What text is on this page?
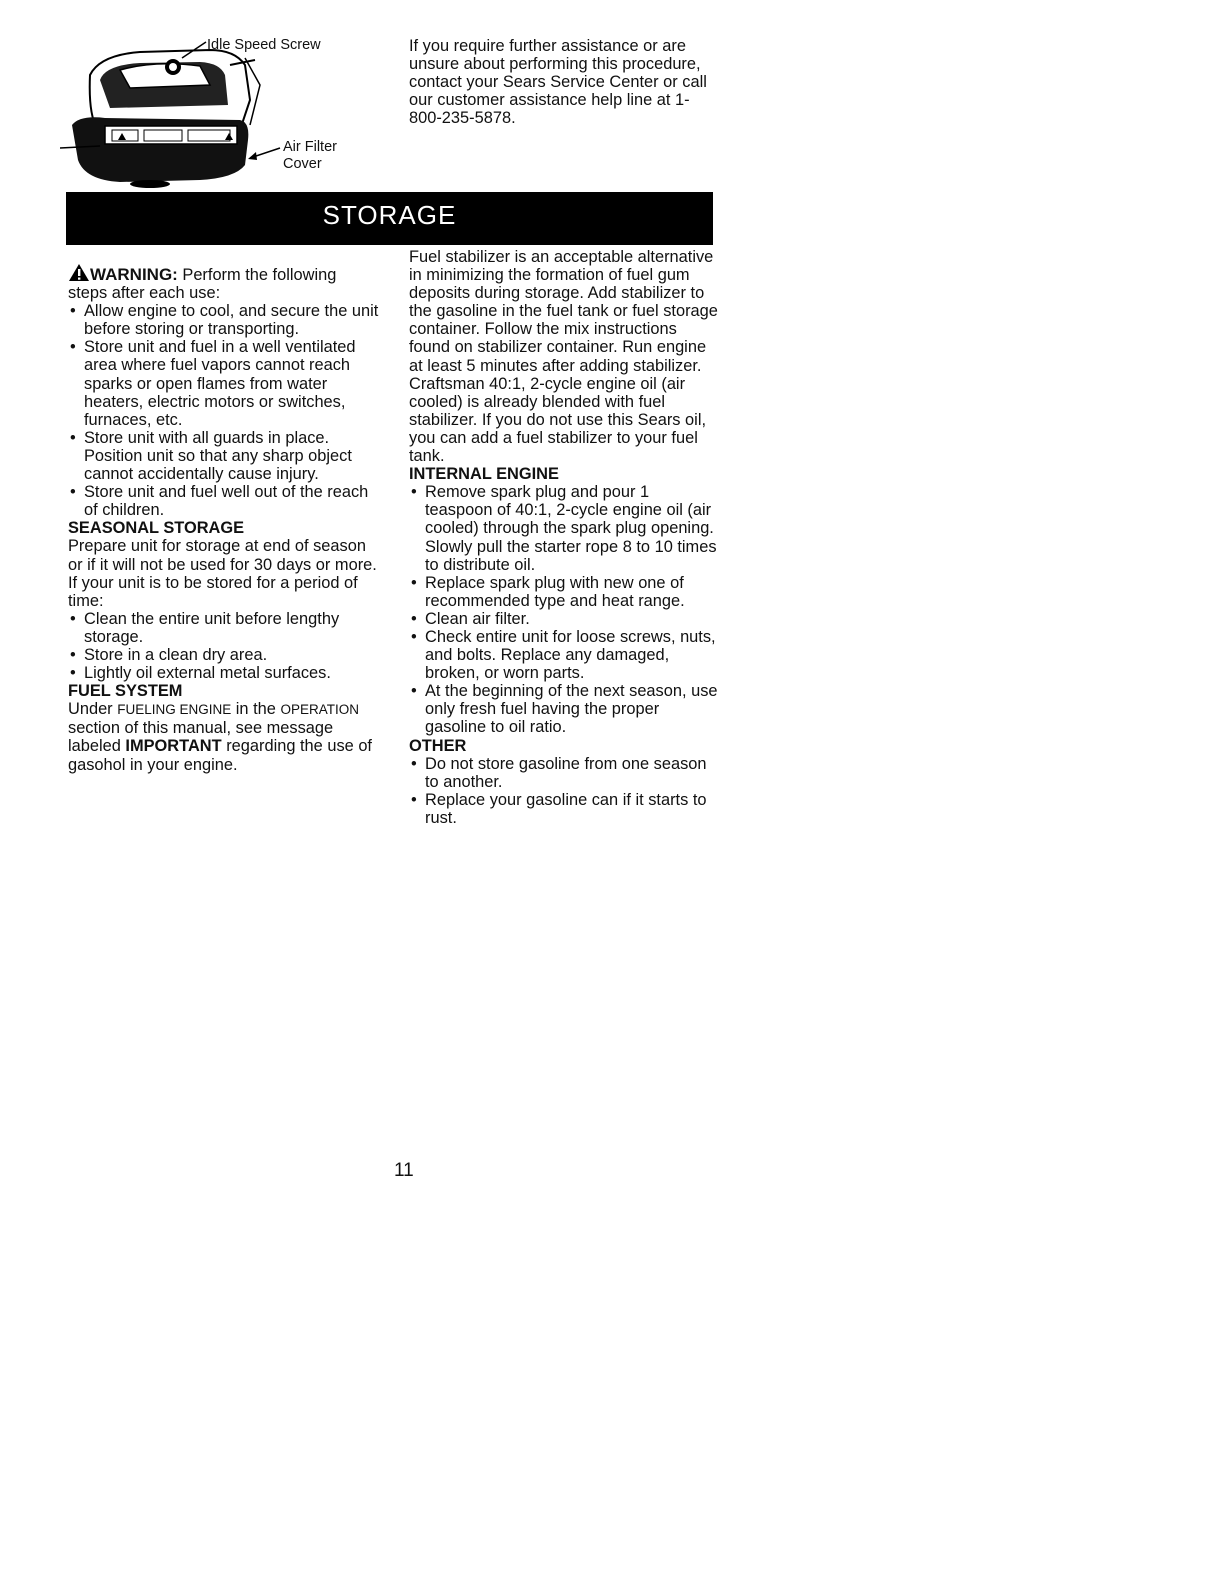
Idle Speed Screw
Air Filter
Cover

If you require further assistance or are unsure about performing this procedure, contact your Sears Service Center or call our customer assistance help line at 1-800-235-5878.

STORAGE

WARNING: Perform the following steps after each use:

• Allow engine to cool, and secure the unit before storing or transporting.
• Store unit and fuel in a well ventilated area where fuel vapors cannot reach sparks or open flames from water heaters, electric motors or switches, furnaces, etc.
• Store unit with all guards in place. Position unit so that any sharp object cannot accidentally cause injury.
• Store unit and fuel well out of the reach of children.

SEASONAL STORAGE

Prepare unit for storage at end of season or if it will not be used for 30 days or more.

If your unit is to be stored for a period of time:

• Clean the entire unit before lengthy storage.
• Store in a clean dry area.
• Lightly oil external metal surfaces.

FUEL SYSTEM

Under FUELING ENGINE in the OPERATION section of this manual, see message labeled IMPORTANT regarding the use of gasohol in your engine.

Fuel stabilizer is an acceptable alternative in minimizing the formation of fuel gum deposits during storage. Add stabilizer to the gasoline in the fuel tank or fuel storage container. Follow the mix instructions found on stabilizer container. Run engine at least 5 minutes after adding stabilizer.

Craftsman 40:1, 2-cycle engine oil (air cooled) is already blended with fuel stabilizer. If you do not use this Sears oil, you can add a fuel stabilizer to your fuel tank.

INTERNAL ENGINE

• Remove spark plug and pour 1 teaspoon of 40:1, 2-cycle engine oil (air cooled) through the spark plug opening. Slowly pull the starter rope 8 to 10 times to distribute oil.
• Replace spark plug with new one of recommended type and heat range.
• Clean air filter.
• Check entire unit for loose screws, nuts, and bolts. Replace any damaged, broken, or worn parts.
• At the beginning of the next season, use only fresh fuel having the proper gasoline to oil ratio.

OTHER

• Do not store gasoline from one season to another.
• Replace your gasoline can if it starts to rust.
11
